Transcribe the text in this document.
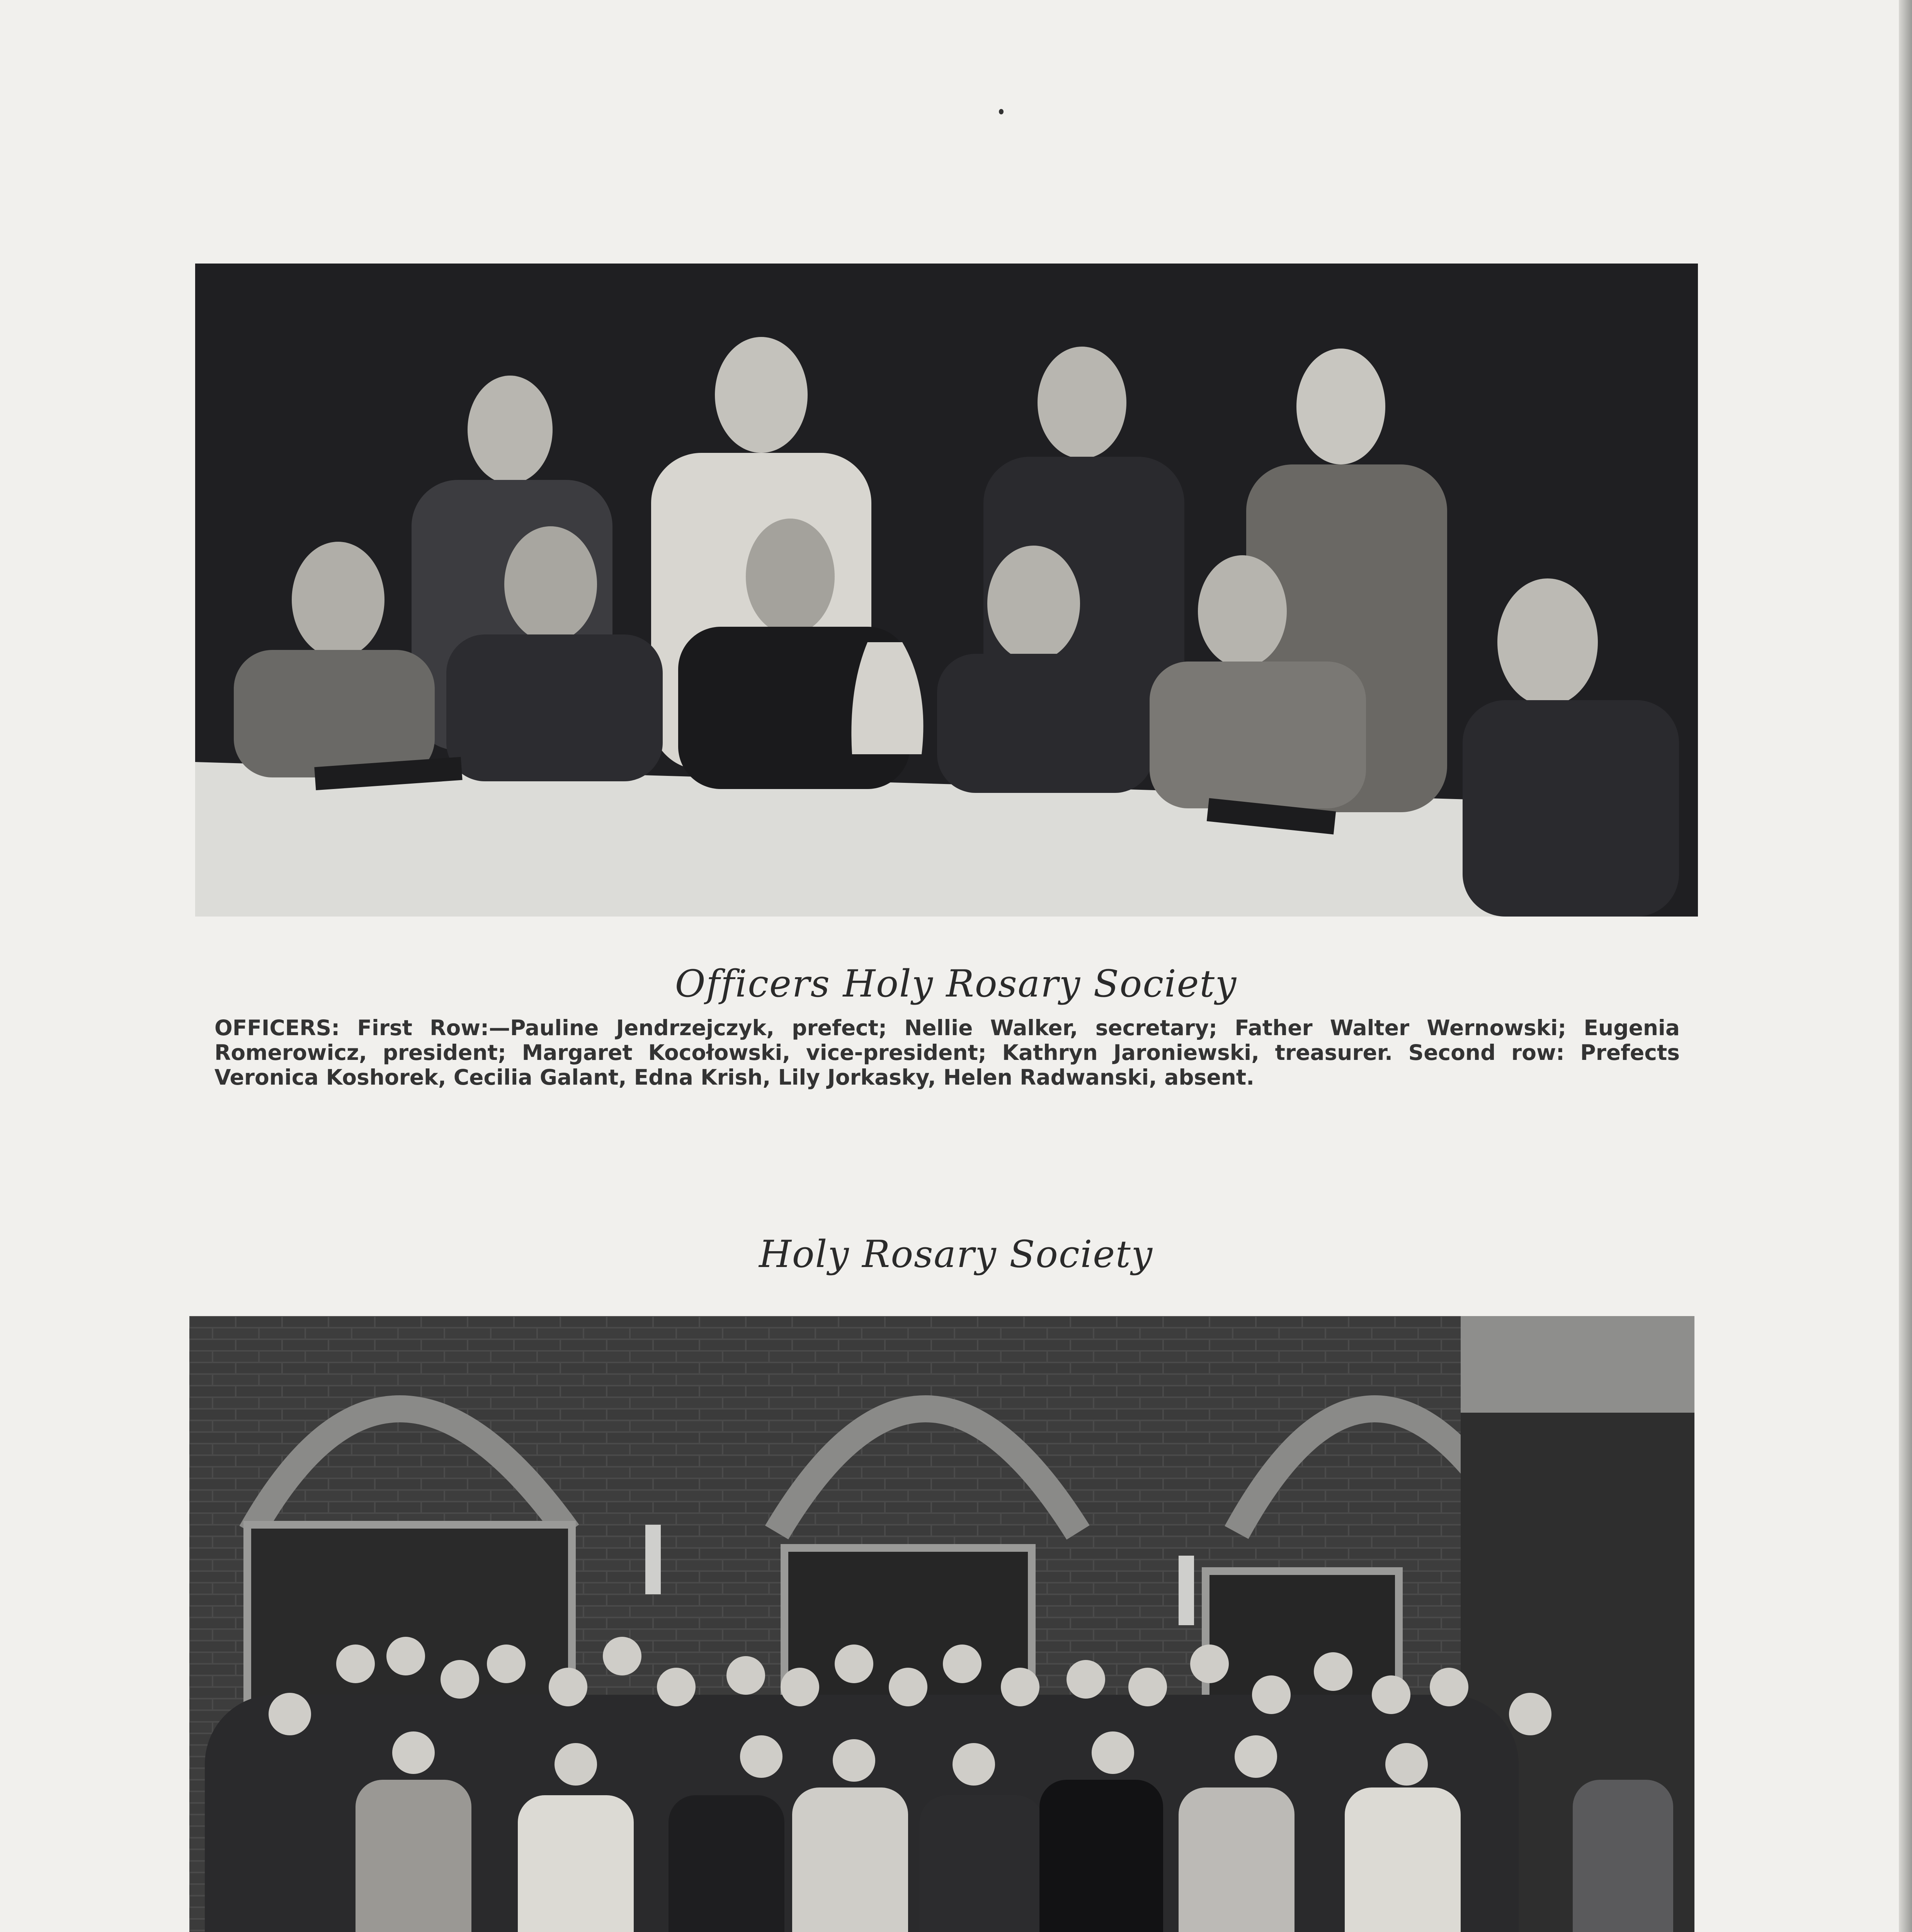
Officers Holy Rosary Society
OFFICERS: First Row:—Pauline Jendrzejczyk, prefect; Nellie Walker, secretary; Father Walter Wernowski; Eugenia Romerowicz, president; Margaret Kocołowski, vice-president; Kathryn Jaroniewski, treasurer. Second row: Prefects Veronica Koshorek, Cecilia Galant, Edna Krish, Lily Jorkasky, Helen Radwanski, absent.
Holy Rosary Society
